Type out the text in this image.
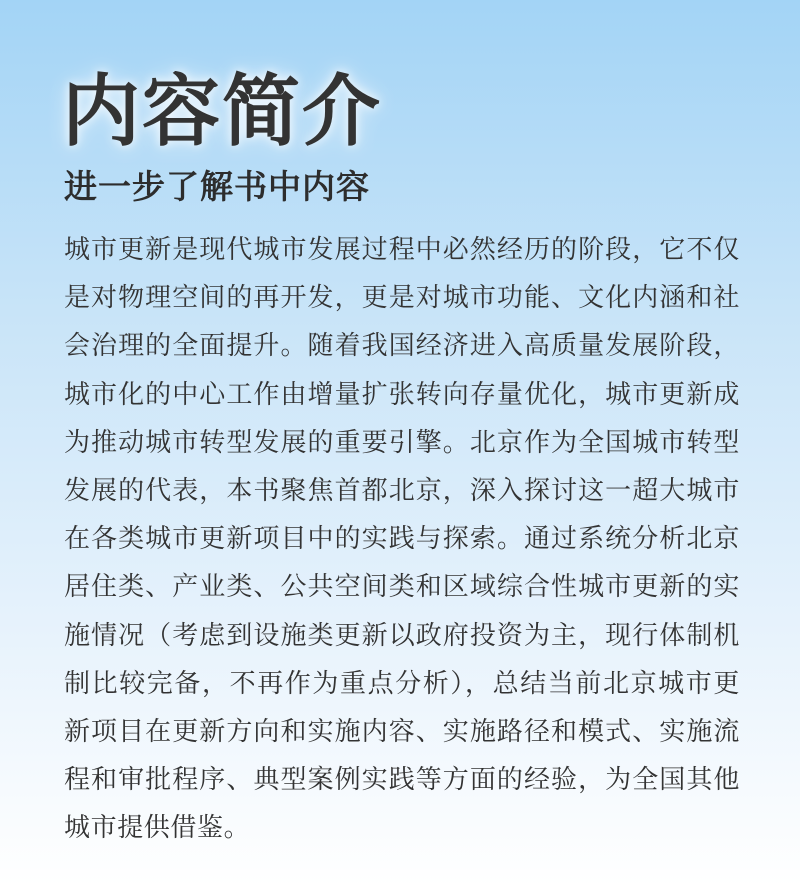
内容简介
进一步了解书中内容

城市更新是现代城市发展过程中必然经历的阶段，它不仅是对物理空间的再开发，更是对城市功能、文化内涵和社会治理的全面提升。随着我国经济进入高质量发展阶段，城市化的中心工作由增量扩张转向存量优化，城市更新成为推动城市转型发展的重要引擎。北京作为全国城市转型发展的代表，本书聚焦首都北京，深入探讨这一超大城市在各类城市更新项目中的实践与探索。通过系统分析北京居住类、产业类、公共空间类和区域综合性城市更新的实施情况（考虑到设施类更新以政府投资为主，现行体制机制比较完备，不再作为重点分析），总结当前北京城市更新项目在更新方向和实施内容、实施路径和模式、实施流程和审批程序、典型案例实践等方面的经验，为全国其他城市提供借鉴。
